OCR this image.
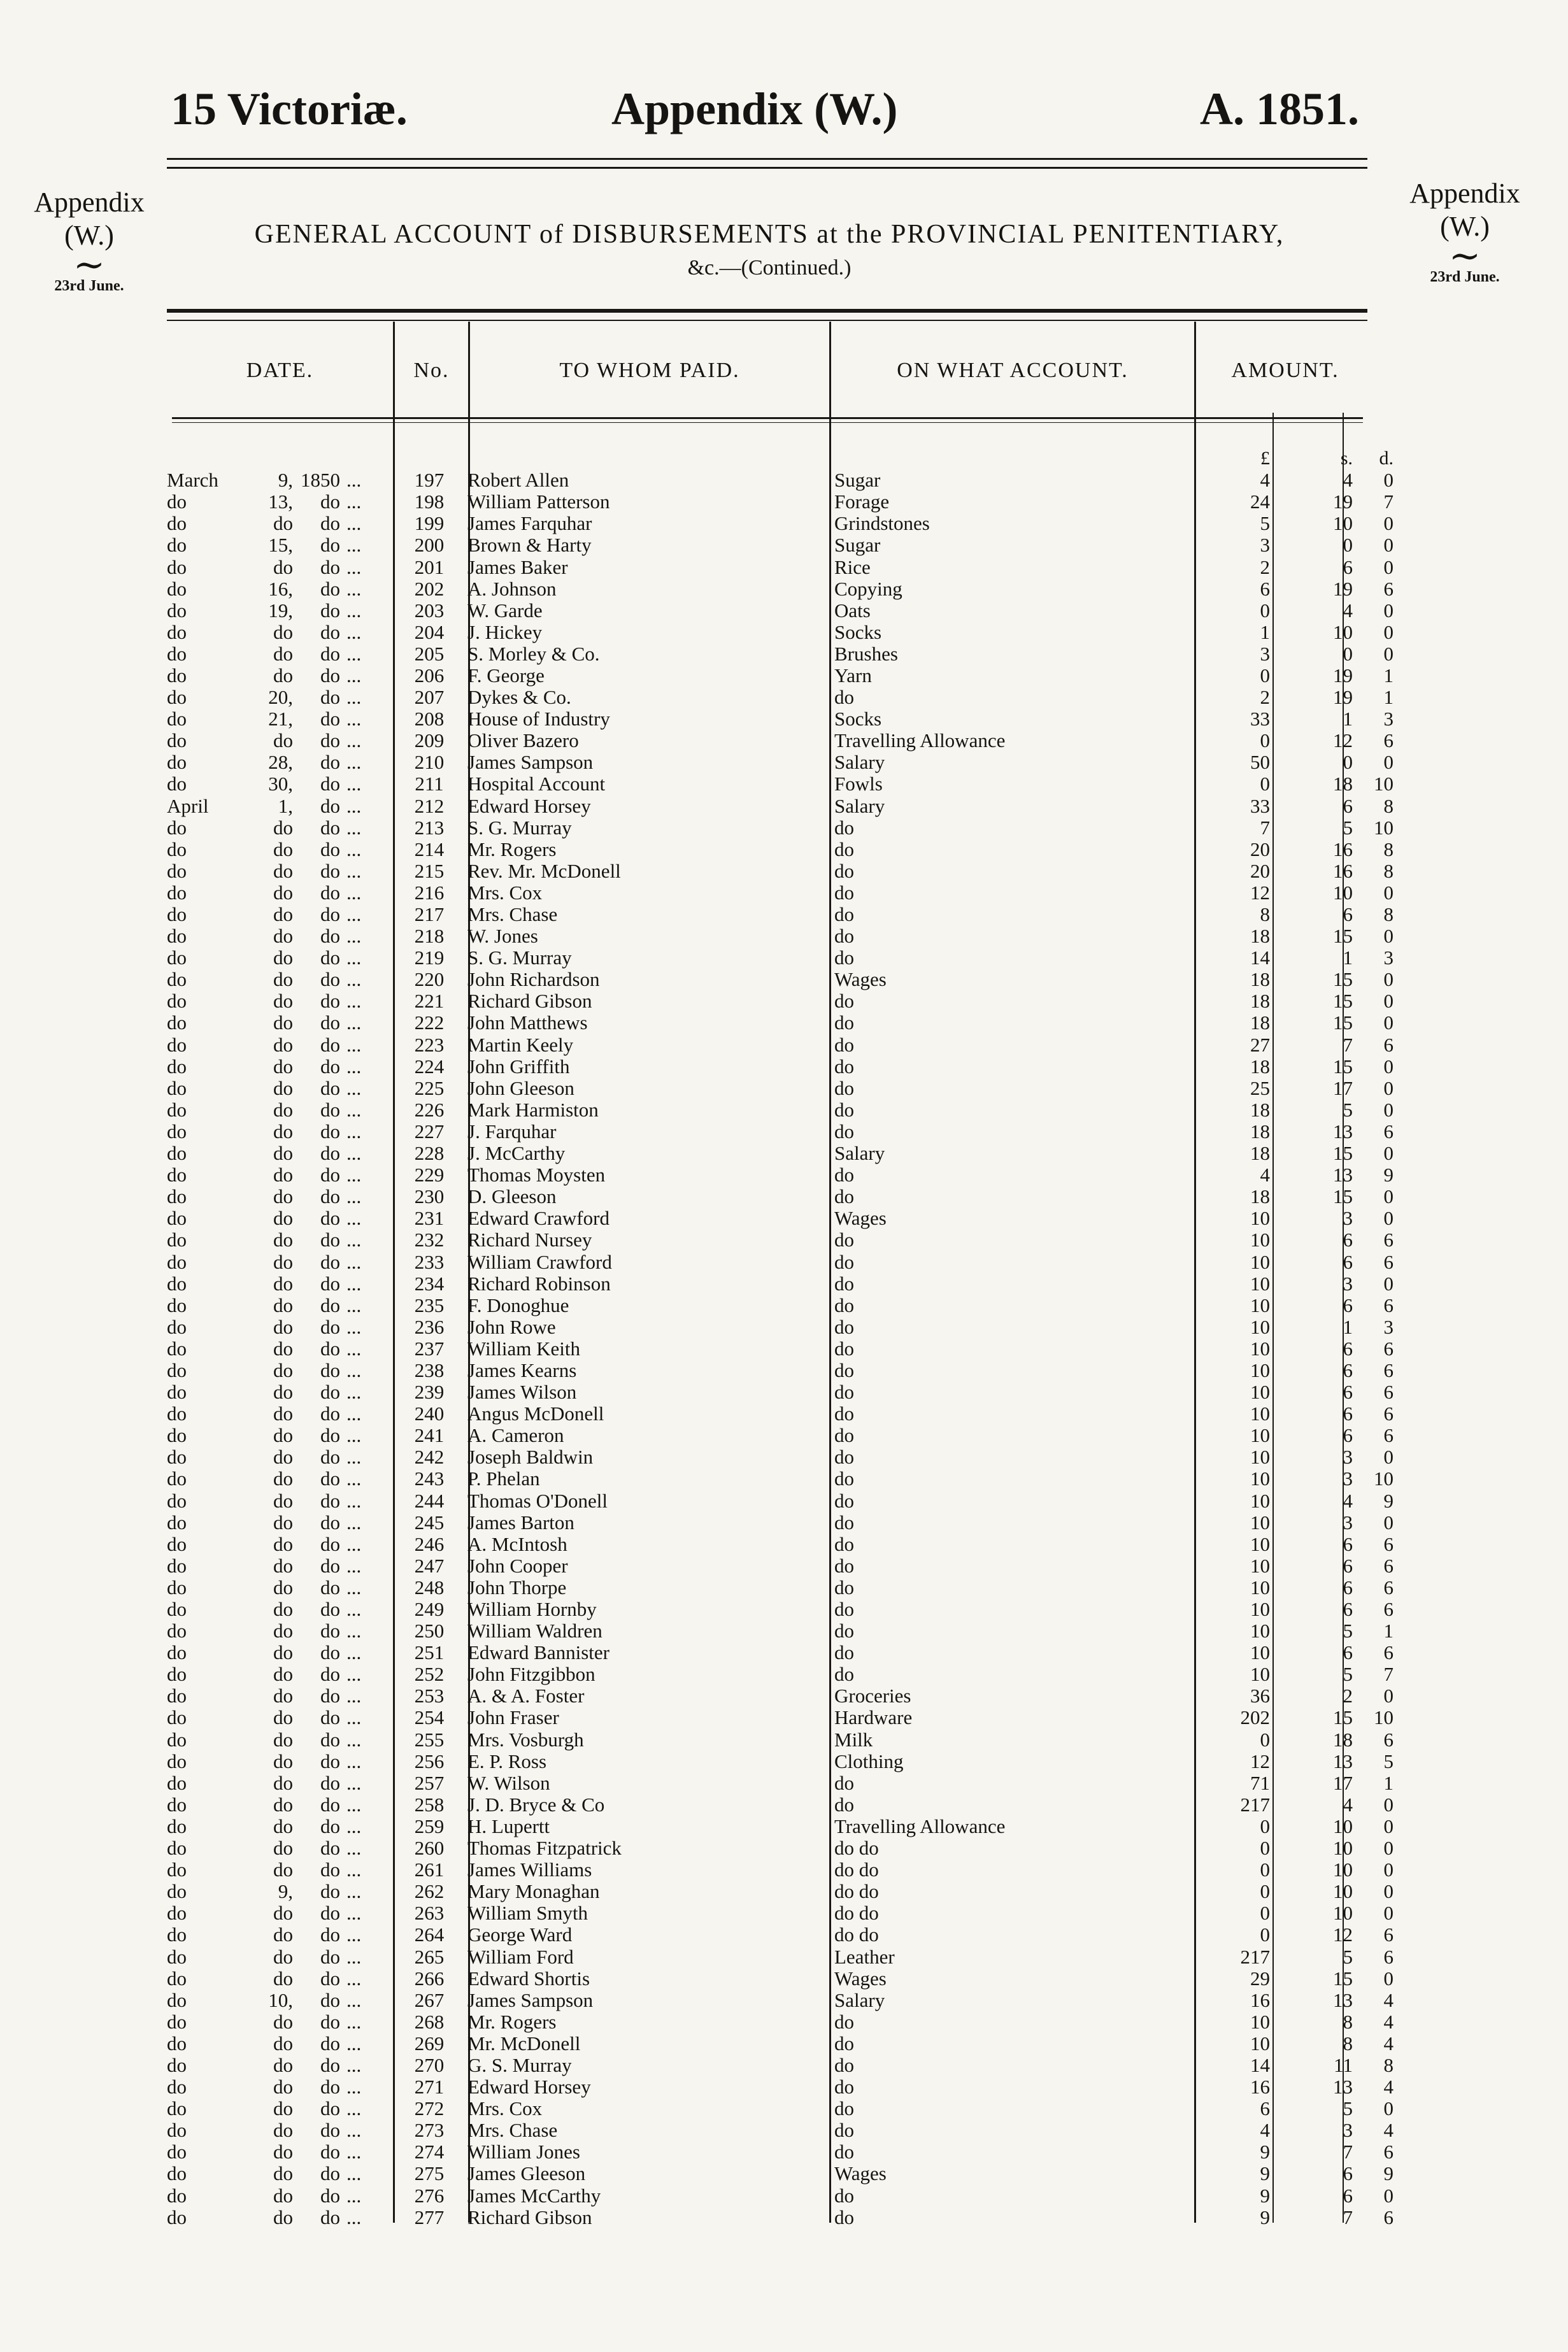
15 Victoriæ.	Appendix (W.)	A. 1851.
Appendix
(W.)
~
23rd June.
Appendix
(W.)
~
23rd June.
GENERAL ACCOUNT of DISBURSEMENTS at the PROVINCIAL PENITENTIARY,
&c.—(Continued.)
DATE.	No.	TO WHOM PAID.	ON WHAT ACCOUNT.	AMOUNT.
							£	s.	d.
March	9,	1850	...	197	Robert Allen	Sugar	4	4	0
do	13,	do	...	198	William Patterson	Forage	24	19	7
do	do	do	...	199	James Farquhar	Grindstones	5	10	0
do	15,	do	...	200	Brown & Harty	Sugar	3	0	0
do	do	do	...	201	James Baker	Rice	2	6	0
do	16,	do	...	202	A. Johnson	Copying	6	19	6
do	19,	do	...	203	W. Garde	Oats	0	4	0
do	do	do	...	204	J. Hickey	Socks	1	10	0
do	do	do	...	205	S. Morley & Co.	Brushes	3	0	0
do	do	do	...	206	F. George	Yarn	0	19	1
do	20,	do	...	207	Dykes & Co.	do	2	19	1
do	21,	do	...	208	House of Industry	Socks	33	1	3
do	do	do	...	209	Oliver Bazero	Travelling Allowance	0	12	6
do	28,	do	...	210	James Sampson	Salary	50	0	0
do	30,	do	...	211	Hospital Account	Fowls	0	18	10
April	1,	do	...	212	Edward Horsey	Salary	33	6	8
do	do	do	...	213	S. G. Murray	do	7	5	10
do	do	do	...	214	Mr. Rogers	do	20	16	8
do	do	do	...	215	Rev. Mr. McDonell	do	20	16	8
do	do	do	...	216	Mrs. Cox	do	12	10	0
do	do	do	...	217	Mrs. Chase	do	8	6	8
do	do	do	...	218	W. Jones	do	18	15	0
do	do	do	...	219	S. G. Murray	do	14	1	3
do	do	do	...	220	John Richardson	Wages	18	15	0
do	do	do	...	221	Richard Gibson	do	18	15	0
do	do	do	...	222	John Matthews	do	18	15	0
do	do	do	...	223	Martin Keely	do	27	7	6
do	do	do	...	224	John Griffith	do	18	15	0
do	do	do	...	225	John Gleeson	do	25	17	0
do	do	do	...	226	Mark Harmiston	do	18	5	0
do	do	do	...	227	J. Farquhar	do	18	13	6
do	do	do	...	228	J. McCarthy	Salary	18	15	0
do	do	do	...	229	Thomas Moysten	do	4	13	9
do	do	do	...	230	D. Gleeson	do	18	15	0
do	do	do	...	231	Edward Crawford	Wages	10	3	0
do	do	do	...	232	Richard Nursey	do	10	6	6
do	do	do	...	233	William Crawford	do	10	6	6
do	do	do	...	234	Richard Robinson	do	10	3	0
do	do	do	...	235	F. Donoghue	do	10	6	6
do	do	do	...	236	John Rowe	do	10	1	3
do	do	do	...	237	William Keith	do	10	6	6
do	do	do	...	238	James Kearns	do	10	6	6
do	do	do	...	239	James Wilson	do	10	6	6
do	do	do	...	240	Angus McDonell	do	10	6	6
do	do	do	...	241	A. Cameron	do	10	6	6
do	do	do	...	242	Joseph Baldwin	do	10	3	0
do	do	do	...	243	P. Phelan	do	10	3	10
do	do	do	...	244	Thomas O'Donell	do	10	4	9
do	do	do	...	245	James Barton	do	10	3	0
do	do	do	...	246	A. McIntosh	do	10	6	6
do	do	do	...	247	John Cooper	do	10	6	6
do	do	do	...	248	John Thorpe	do	10	6	6
do	do	do	...	249	William Hornby	do	10	6	6
do	do	do	...	250	William Waldren	do	10	5	1
do	do	do	...	251	Edward Bannister	do	10	6	6
do	do	do	...	252	John Fitzgibbon	do	10	5	7
do	do	do	...	253	A. & A. Foster	Groceries	36	2	0
do	do	do	...	254	John Fraser	Hardware	202	15	10
do	do	do	...	255	Mrs. Vosburgh	Milk	0	18	6
do	do	do	...	256	E. P. Ross	Clothing	12	13	5
do	do	do	...	257	W. Wilson	do	71	17	1
do	do	do	...	258	J. D. Bryce & Co	do	217	4	0
do	do	do	...	259	H. Lupertt	Travelling Allowance	0	10	0
do	do	do	...	260	Thomas Fitzpatrick	do do	0	10	0
do	do	do	...	261	James Williams	do do	0	10	0
do	9,	do	...	262	Mary Monaghan	do do	0	10	0
do	do	do	...	263	William Smyth	do do	0	10	0
do	do	do	...	264	George Ward	do do	0	12	6
do	do	do	...	265	William Ford	Leather	217	5	6
do	do	do	...	266	Edward Shortis	Wages	29	15	0
do	10,	do	...	267	James Sampson	Salary	16	13	4
do	do	do	...	268	Mr. Rogers	do	10	8	4
do	do	do	...	269	Mr. McDonell	do	10	8	4
do	do	do	...	270	G. S. Murray	do	14	11	8
do	do	do	...	271	Edward Horsey	do	16	13	4
do	do	do	...	272	Mrs. Cox	do	6	5	0
do	do	do	...	273	Mrs. Chase	do	4	3	4
do	do	do	...	274	William Jones	do	9	7	6
do	do	do	...	275	James Gleeson	Wages	9	6	9
do	do	do	...	276	James McCarthy	do	9	6	0
do	do	do	...	277	Richard Gibson	do	9	7	6
